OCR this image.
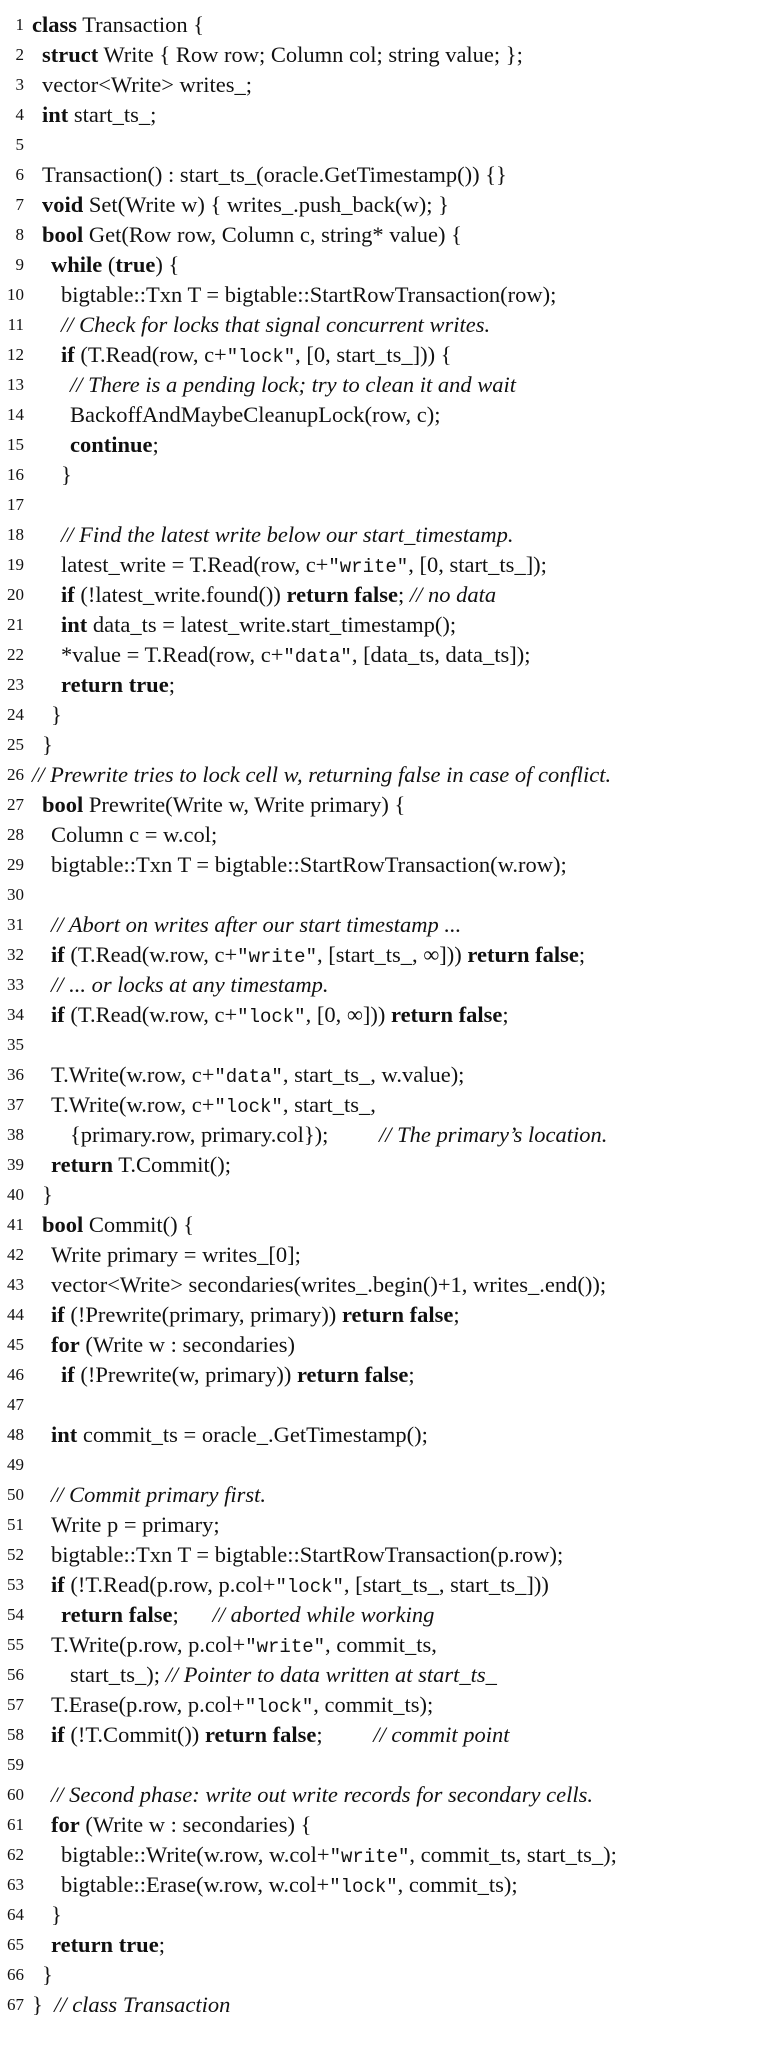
1 class Transaction {
2 struct Write { Row row; Column col; string value; };
3 vector<Write> writes_;
4 int start_ts_;
5
6 Transaction() : start_ts_(oracle.GetTimestamp()) {}
7 void Set(Write w) { writes_.push_back(w); }
8 bool Get(Row row, Column c, string* value) {
9 while (true) {
10 bigtable::Txn T = bigtable::StartRowTransaction(row);
11 // Check for locks that signal concurrent writes.
12 if (T.Read(row, c+"lock", [0, start_ts_])) {
13 // There is a pending lock; try to clean it and wait
14 BackoffAndMaybeCleanupLock(row, c);
15 continue;
16 }
17
18 // Find the latest write below our start_timestamp.
19 latest_write = T.Read(row, c+"write", [0, start_ts_]);
20 if (!latest_write.found()) return false; // no data
21 int data_ts = latest_write.start_timestamp();
22 *value = T.Read(row, c+"data", [data_ts, data_ts]);
23 return true;
24 }
25 }
26 // Prewrite tries to lock cell w, returning false in case of conflict.
27 bool Prewrite(Write w, Write primary) {
28 Column c = w.col;
29 bigtable::Txn T = bigtable::StartRowTransaction(w.row);
30
31 // Abort on writes after our start timestamp ...
32 if (T.Read(w.row, c+"write", [start_ts_, ∞])) return false;
33 // ... or locks at any timestamp.
34 if (T.Read(w.row, c+"lock", [0, ∞])) return false;
35
36 T.Write(w.row, c+"data", start_ts_, w.value);
37 T.Write(w.row, c+"lock", start_ts_,
38 {primary.row, primary.col});         // The primary’s location.
39 return T.Commit();
40 }
41 bool Commit() {
42 Write primary = writes_[0];
43 vector<Write> secondaries(writes_.begin()+1, writes_.end());
44 if (!Prewrite(primary, primary)) return false;
45 for (Write w : secondaries)
46 if (!Prewrite(w, primary)) return false;
47
48 int commit_ts = oracle_.GetTimestamp();
49
50 // Commit primary first.
51 Write p = primary;
52 bigtable::Txn T = bigtable::StartRowTransaction(p.row);
53 if (!T.Read(p.row, p.col+"lock", [start_ts_, start_ts_]))
54 return false;      // aborted while working
55 T.Write(p.row, p.col+"write", commit_ts,
56 start_ts_); // Pointer to data written at start_ts_
57 T.Erase(p.row, p.col+"lock", commit_ts);
58 if (!T.Commit()) return false;         // commit point
59
60 // Second phase: write out write records for secondary cells.
61 for (Write w : secondaries) {
62 bigtable::Write(w.row, w.col+"write", commit_ts, start_ts_);
63 bigtable::Erase(w.row, w.col+"lock", commit_ts);
64 }
65 return true;
66 }
67 }  // class Transaction
